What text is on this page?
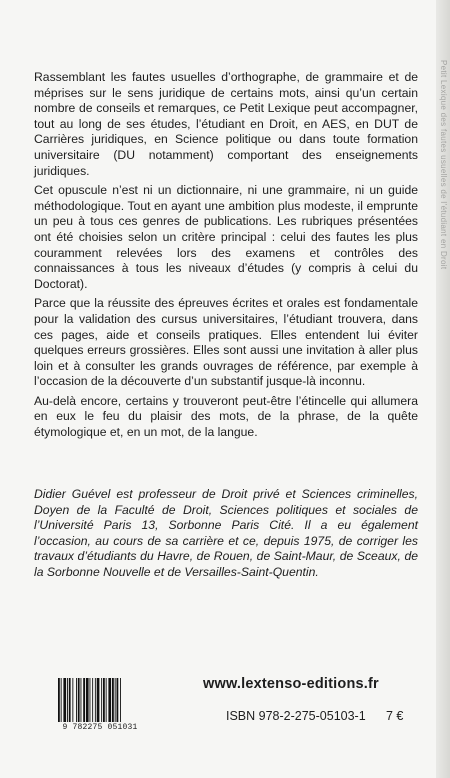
Petit Lexique des fautes usuelles de l’étudiant en Droit

Rassemblant les fautes usuelles d’orthographe, de grammaire et de méprises sur le sens juridique de certains mots, ainsi qu’un certain nombre de conseils et remarques, ce Petit Lexique peut accompagner, tout au long de ses études, l’étudiant en Droit, en AES, en DUT de Carrières juridiques, en Science politique ou dans toute formation universitaire (DU notamment) comportant des enseignements juridiques.

Cet opuscule n’est ni un dictionnaire, ni une grammaire, ni un guide méthodologique. Tout en ayant une ambition plus modeste, il emprunte un peu à tous ces genres de publications. Les rubriques présentées ont été choisies selon un critère principal : celui des fautes les plus couramment relevées lors des examens et contrôles des connaissances à tous les niveaux d’études (y compris à celui du Doctorat).

Parce que la réussite des épreuves écrites et orales est fondamentale pour la validation des cursus universitaires, l’étudiant trouvera, dans ces pages, aide et conseils pratiques. Elles entendent lui éviter quelques erreurs grossières. Elles sont aussi une invitation à aller plus loin et à consulter les grands ouvrages de référence, par exemple à l’occasion de la découverte d’un substantif jusque-là inconnu.

Au-delà encore, certains y trouveront peut-être l’étincelle qui allumera en eux le feu du plaisir des mots, de la phrase, de la quête étymologique et, en un mot, de la langue.

Didier Guével est professeur de Droit privé et Sciences criminelles, Doyen de la Faculté de Droit, Sciences politiques et sociales de l’Université Paris 13, Sorbonne Paris Cité. Il a eu également l’occasion, au cours de sa carrière et ce, depuis 1975, de corriger les travaux d’étudiants du Havre, de Rouen, de Saint-Maur, de Sceaux, de la Sorbonne Nouvelle et de Versailles-Saint-Quentin.

9 782275 051031
www.lextenso-editions.fr
ISBN 978-2-275-05103-1 7 €
